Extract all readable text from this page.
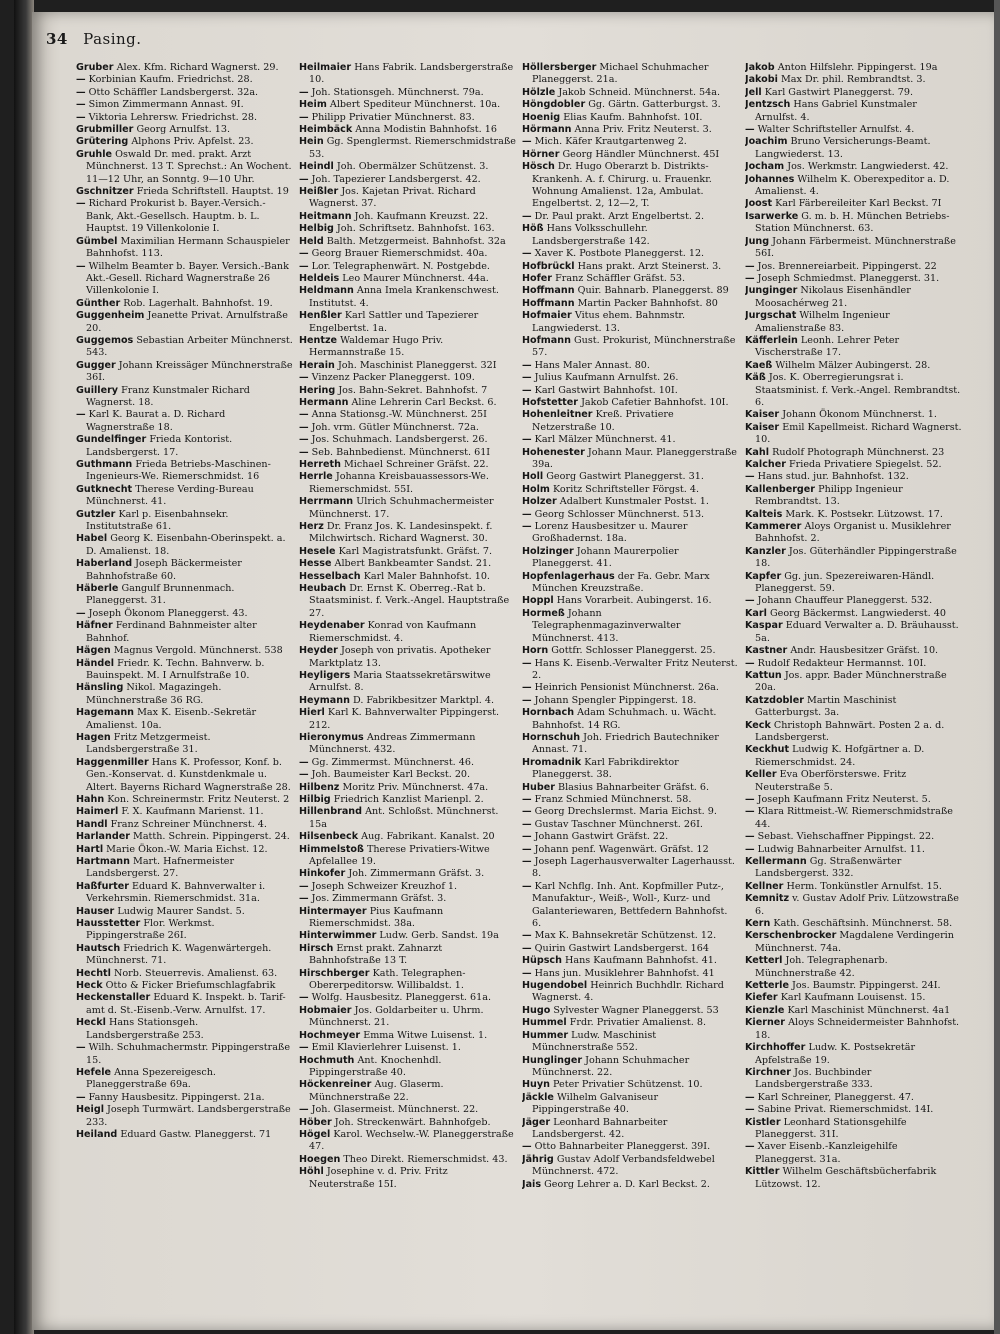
34 Pasing.

Gruber Alex. Kfm. Richard Wagnerst. 29.

— Korbinian Kaufm. Friedrichst. 28.

— Otto Schäffler Landsbergerst. 32a.

— Simon Zimmermann Annast. 9I.

— Viktoria Lehrersw. Friedrichst. 28.

Grubmiller Georg Arnulfst. 13.

Grütering Alphons Priv. Apfelst. 23.

Gruhle Oswald Dr. med. prakt. Arzt Münchnerst. 13 T. Sprechst.: An Wochent. 11—12 Uhr, an Sonntg. 9—10 Uhr.

Gschnitzer Frieda Schriftstell. Hauptst. 19

— Richard Prokurist b. Bayer.-Versich.-Bank, Akt.-Gesellsch. Hauptm. b. L. Hauptst. 19 Villenkolonie I.

Gümbel Maximilian Hermann Schauspieler Bahnhofst. 113.

— Wilhelm Beamter b. Bayer. Versich.-Bank Akt.-Gesell. Richard Wagnerstraße 26 Villenkolonie I.

Günther Rob. Lagerhalt. Bahnhofst. 19.

Guggenheim Jeanette Privat. Arnulfstraße 20.

Guggemos Sebastian Arbeiter Münchnerst. 543.

Gugger Johann Kreissäger Münchnerstraße 36I.

Guillery Franz Kunstmaler Richard Wagnerst. 18.

— Karl K. Baurat a. D. Richard Wagnerstraße 18.

Gundelfinger Frieda Kontorist. Landsbergerst. 17.

Guthmann Frieda Betriebs-Maschinen-Ingenieurs-We. Riemerschmidst. 16

Gutknecht Therese Verding-Bureau Münchnerst. 41.

Gutzler Karl p. Eisenbahnsekr. Institutstraße 61.

Habel Georg K. Eisenbahn-Oberinspekt. a. D. Amalienst. 18.

Haberland Joseph Bäckermeister Bahnhofstraße 60.

Häberle Gangulf Brunnenmach. Planeggerst. 31.

— Joseph Ökonom Planeggerst. 43.

Häfner Ferdinand Bahnmeister alter Bahnhof.

Hägen Magnus Vergold. Münchnerst. 538

Händel Friedr. K. Techn. Bahnverw. b. Bauinspekt. M. I Arnulfstraße 10.

Hänsling Nikol. Magazingeh. Münchnerstraße 36 RG.

Hagemann Max K. Eisenb.-Sekretär Amalienst. 10a.

Hagen Fritz Metzgermeist. Landsbergerstraße 31.

Haggenmiller Hans K. Professor, Konf. b. Gen.-Konservat. d. Kunstdenkmale u. Altert. Bayerns Richard Wagnerstraße 28.

Hahn Kon. Schreinermstr. Fritz Neuterst. 2

Haimerl F. X. Kaufmann Marienst. 11.

Handl Franz Schreiner Münchnerst. 4.

Harlander Matth. Schrein. Pippingerst. 24.

Hartl Marie Ökon.-W. Maria Eichst. 12.

Hartmann Mart. Hafnermeister Landsbergerst. 27.

Haßfurter Eduard K. Bahnverwalter i. Verkehrsmin. Riemerschmidst. 31a.

Hauser Ludwig Maurer Sandst. 5.

Hausstetter Flor. Werkmst. Pippingerstraße 26I.

Hautsch Friedrich K. Wagenwärtergeh. Münchnerst. 71.

Hechtl Norb. Steuerrevis. Amalienst. 63.

Heck Otto & Ficker Briefumschlagfabrik

Heckenstaller Eduard K. Inspekt. b. Tarif- amt d. St.-Eisenb.-Verw. Arnulfst. 17.

Heckl Hans Stationsgeh. Landsbergerstraße 253.

— Wilh. Schuhmachermstr. Pippingerstraße 15.

Hefele Anna Spezereigesch. Planeggerstraße 69a.

— Fanny Hausbesitz. Pippingerst. 21a.

Heigl Joseph Turmwärt. Landsbergerstraße 233.

Heiland Eduard Gastw. Planeggerst. 71

Heilmaier Hans Fabrik. Landsbergerstraße 10.

— Joh. Stationsgeh. Münchnerst. 79a.

Heim Albert Spediteur Münchnerst. 10a.

— Philipp Privatier Münchnerst. 83.

Heimbäck Anna Modistin Bahnhofst. 16

Hein Gg. Spenglermst. Riemerschmidstraße 53.

Heindl Joh. Obermälzer Schützenst. 3.

— Joh. Tapezierer Landsbergerst. 42.

Heißler Jos. Kajetan Privat. Richard Wagnerst. 37.

Heitmann Joh. Kaufmann Kreuzst. 22.

Helbig Joh. Schriftsetz. Bahnhofst. 163.

Held Balth. Metzgermeist. Bahnhofst. 32a

— Georg Brauer Riemerschmidst. 40a.

— Lor. Telegraphenwärt. N. Postgebde.

Heldeis Leo Maurer Münchnerst. 44a.

Heldmann Anna Imela Krankenschwest. Institutst. 4.

Henßler Karl Sattler und Tapezierer Engelbertst. 1a.

Hentze Waldemar Hugo Priv. Hermannstraße 15.

Herain Joh. Maschinist Planeggerst. 32I

— Vinzenz Packer Planeggerst. 109.

Hering Jos. Bahn-Sekret. Bahnhofst. 7

Hermann Aline Lehrerin Carl Beckst. 6.

— Anna Stationsg.-W. Münchnerst. 25I

— Joh. vrm. Gütler Münchnerst. 72a.

— Jos. Schuhmach. Landsbergerst. 26.

— Seb. Bahnbedienst. Münchnerst. 61I

Herreth Michael Schreiner Gräfst. 22.

Herrle Johanna Kreisbauassessors-We. Riemerschmidst. 55I.

Herrmann Ulrich Schuhmachermeister Münchnerst. 17.

Herz Dr. Franz Jos. K. Landesinspekt. f. Milchwirtsch. Richard Wagnerst. 30.

Hesele Karl Magistratsfunkt. Gräfst. 7.

Hesse Albert Bankbeamter Sandst. 21.

Hesselbach Karl Maler Bahnhofst. 10.

Heubach Dr. Ernst K. Oberreg.-Rat b. Staatsminist. f. Verk.-Angel. Hauptstraße 27.

Heydenaber Konrad von Kaufmann Riemerschmidst. 4.

Heyder Joseph von privatis. Apotheker Marktplatz 13.

Heyligers Maria Staatssekretärswitwe Arnulfst. 8.

Heymann D. Fabrikbesitzer Marktpl. 4.

Hierl Karl K. Bahnverwalter Pippingerst. 212.

Hieronymus Andreas Zimmermann Münchnerst. 432.

— Gg. Zimmermst. Münchnerst. 46.

— Joh. Baumeister Karl Beckst. 20.

Hilbenz Moritz Priv. Münchnerst. 47a.

Hilbig Friedrich Kanzlist Marienpl. 2.

Hillenbrand Ant. Schloßst. Münchnerst. 15a

Hilsenbeck Aug. Fabrikant. Kanalst. 20

Himmelstoß Therese Privatiers-Witwe Apfelallee 19.

Hinkofer Joh. Zimmermann Gräfst. 3.

— Joseph Schweizer Kreuzhof 1.

— Jos. Zimmermann Gräfst. 3.

Hintermayer Pius Kaufmann Riemerschmidst. 38a.

Hinterwimmer Ludw. Gerb. Sandst. 19a

Hirsch Ernst prakt. Zahnarzt Bahnhofstraße 13 T.

Hirschberger Kath. Telegraphen-Obererpeditorsw. Willibaldst. 1.

— Wolfg. Hausbesitz. Planeggerst. 61a.

Hobmaier Jos. Goldarbeiter u. Uhrm. Münchnerst. 21.

Hochmeyer Emma Witwe Luisenst. 1.

— Emil Klavierlehrer Luisenst. 1.

Hochmuth Ant. Knochenhdl. Pippingerstraße 40.

Höckenreiner Aug. Glaserm. Münchnerstraße 22.

— Joh. Glasermeist. Münchnerst. 22.

Höber Joh. Streckenwärt. Bahnhofgeb.

Högel Karol. Wechselw.-W. Planeggerstraße 47.

Hoegen Theo Direkt. Riemerschmidst. 43.

Höhl Josephine v. d. Priv. Fritz Neuterstraße 15I.

Höllersberger Michael Schuhmacher Planeggerst. 21a.

Hölzle Jakob Schneid. Münchnerst. 54a.

Höngdobler Gg. Gärtn. Gatterburgst. 3.

Hoenig Elias Kaufm. Bahnhofst. 10I.

Hörmann Anna Priv. Fritz Neuterst. 3.

— Mich. Käfer Krautgartenweg 2.

Hörner Georg Händler Münchnerst. 45I

Hösch Dr. Hugo Oberarzt b. Distrikts-Krankenh. A. f. Chirurg. u. Frauenkr. Wohnung Amalienst. 12a, Ambulat. Engelbertst. 2, 12—2, T.

— Dr. Paul prakt. Arzt Engelbertst. 2.

Höß Hans Volksschullehr. Landsbergerstraße 142.

— Xaver K. Postbote Planeggerst. 12.

Hofbrückl Hans prakt. Arzt Steinerst. 3.

Hofer Franz Schäffler Gräfst. 53.

Hoffmann Quir. Bahnarb. Planeggerst. 89

Hoffmann Martin Packer Bahnhofst. 80

Hofmaier Vitus ehem. Bahnmstr. Langwiederst. 13.

Hofmann Gust. Prokurist, Münchnerstraße 57.

— Hans Maler Annast. 80.

— Julius Kaufmann Arnulfst. 26.

— Karl Gastwirt Bahnhofst. 10I.

Hofstetter Jakob Cafetier Bahnhofst. 10I.

Hohenleitner Kreß. Privatiere Netzerstraße 10.

— Karl Mälzer Münchnerst. 41.

Hohenester Johann Maur. Planeggerstraße 39a.

Holl Georg Gastwirt Planeggerst. 31.

Holm Koritz Schriftsteller Förgst. 4.

Holzer Adalbert Kunstmaler Postst. 1.

— Georg Schlosser Münchnerst. 513.

— Lorenz Hausbesitzer u. Maurer Großhadernst. 18a.

Holzinger Johann Maurerpolier Planeggerst. 41.

Hopfenlagerhaus der Fa. Gebr. Marx München Kreuzstraße.

Hoppl Hans Vorarbeit. Aubingerst. 16.

Hormeß Johann Telegraphenmagazinverwalter Münchnerst. 413.

Horn Gottfr. Schlosser Planeggerst. 25.

— Hans K. Eisenb.-Verwalter Fritz Neuterst. 2.

— Heinrich Pensionist Münchnerst. 26a.

— Johann Spengler Pippingerst. 18.

Hornbach Adam Schuhmach. u. Wächt. Bahnhofst. 14 RG.

Hornschuh Joh. Friedrich Bautechniker Annast. 71.

Hromadnik Karl Fabrikdirektor Planeggerst. 38.

Huber Blasius Bahnarbeiter Gräfst. 6.

— Franz Schmied Münchnerst. 58.

— Georg Drechslermst. Maria Eichst. 9.

— Gustav Taschner Münchnerst. 26I.

— Johann Gastwirt Gräfst. 22.

— Johann penf. Wagenwärt. Gräfst. 12

— Joseph Lagerhausverwalter Lagerhausst. 8.

— Karl Nchflg. Inh. Ant. Kopfmiller Putz-, Manufaktur-, Weiß-, Woll-, Kurz- und Galanteriewaren, Bettfedern Bahnhofst. 6.

— Max K. Bahnsekretär Schützenst. 12.

— Quirin Gastwirt Landsbergerst. 164

Hüpsch Hans Kaufmann Bahnhofst. 41.

— Hans jun. Musiklehrer Bahnhofst. 41

Hugendobel Heinrich Buchhdlr. Richard Wagnerst. 4.

Hugo Sylvester Wagner Planeggerst. 53

Hummel Frdr. Privatier Amalienst. 8.

Hummer Ludw. Maschinist Münchnerstraße 552.

Hunglinger Johann Schuhmacher Münchnerst. 22.

Huyn Peter Privatier Schützenst. 10.

Jäckle Wilhelm Galvaniseur Pippingerstraße 40.

Jäger Leonhard Bahnarbeiter Landsbergerst. 42.

— Otto Bahnarbeiter Planeggerst. 39I.

Jährig Gustav Adolf Verbandsfeldwebel Münchnerst. 472.

Jais Georg Lehrer a. D. Karl Beckst. 2.

Jakob Anton Hilfslehr. Pippingerst. 19a

Jakobi Max Dr. phil. Rembrandtst. 3.

Jell Karl Gastwirt Planeggerst. 79.

Jentzsch Hans Gabriel Kunstmaler Arnulfst. 4.

— Walter Schriftsteller Arnulfst. 4.

Joachim Bruno Versicherungs-Beamt. Langwiederst. 13.

Jocham Jos. Werkmstr. Langwiederst. 42.

Johannes Wilhelm K. Oberexpeditor a. D. Amalienst. 4.

Joost Karl Färbereileiter Karl Beckst. 7I

Isarwerke G. m. b. H. München Betriebs-Station Münchnerst. 63.

Jung Johann Färbermeist. Münchnerstraße 56I.

— Jos. Brennereiarbeit. Pippingerst. 22

— Joseph Schmiedmst. Planeggerst. 31.

Junginger Nikolaus Eisenhändler Moosachérweg 21.

Jurgschat Wilhelm Ingenieur Amalienstraße 83.

Käfferlein Leonh. Lehrer Peter Vischerstraße 17.

Kaeß Wilhelm Mälzer Aubingerst. 28.

Käß Jos. K. Oberregierungsrat i. Staatsminist. f. Verk.-Angel. Rembrandtst. 6.

Kaiser Johann Ökonom Münchnerst. 1.

Kaiser Emil Kapellmeist. Richard Wagnerst. 10.

Kahl Rudolf Photograph Münchnerst. 23

Kalcher Frieda Privatiere Spiegelst. 52.

— Hans stud. jur. Bahnhofst. 132.

Kallenberger Philipp Ingenieur Rembrandtst. 13.

Kalteis Mark. K. Postsekr. Lützowst. 17.

Kammerer Aloys Organist u. Musiklehrer Bahnhofst. 2.

Kanzler Jos. Güterhändler Pippingerstraße 18.

Kapfer Gg. jun. Spezereiwaren-Händl. Planeggerst. 59.

— Johann Chauffeur Planeggerst. 532.

Karl Georg Bäckermst. Langwiederst. 40

Kaspar Eduard Verwalter a. D. Bräuhausst. 5a.

Kastner Andr. Hausbesitzer Gräfst. 10.

— Rudolf Redakteur Hermannst. 10I.

Kattun Jos. appr. Bader Münchnerstraße 20a.

Katzdobler Martin Maschinist Gatterburgst. 3a.

Keck Christoph Bahnwärt. Posten 2 a. d. Landsbergerst.

Keckhut Ludwig K. Hofgärtner a. D. Riemerschmidst. 24.

Keller Eva Oberförsterswe. Fritz Neuterstraße 5.

— Joseph Kaufmann Fritz Neuterst. 5.

— Klara Rittmeist.-W. Riemerschmidstraße 44.

— Sebast. Viehschaffner Pippingst. 22.

— Ludwig Bahnarbeiter Arnulfst. 11.

Kellermann Gg. Straßenwärter Landsbergerst. 332.

Kellner Herm. Tonkünstler Arnulfst. 15.

Kemnitz v. Gustav Adolf Priv. Lützowstraße 6.

Kern Kath. Geschäftsinh. Münchnerst. 58.

Kerschenbrocker Magdalene Verdingerin Münchnerst. 74a.

Ketterl Joh. Telegraphenarb. Münchnerstraße 42.

Ketterle Jos. Baumstr. Pippingerst. 24I.

Kiefer Karl Kaufmann Louisenst. 15.

Kienzle Karl Maschinist Münchnerst. 4a1

Kierner Aloys Schneidermeister Bahnhofst. 18.

Kirchhoffer Ludw. K. Postsekretär Apfelstraße 19.

Kirchner Jos. Buchbinder Landsbergerstraße 333.

— Karl Schreiner, Planeggerst. 47.

— Sabine Privat. Riemerschmidst. 14I.

Kistler Leonhard Stationsgehilfe Planeggerst. 31I.

— Xaver Eisenb.-Kanzleigehilfe Planeggerst. 31a.

Kittler Wilhelm Geschäftsbücherfabrik Lützowst. 12.
